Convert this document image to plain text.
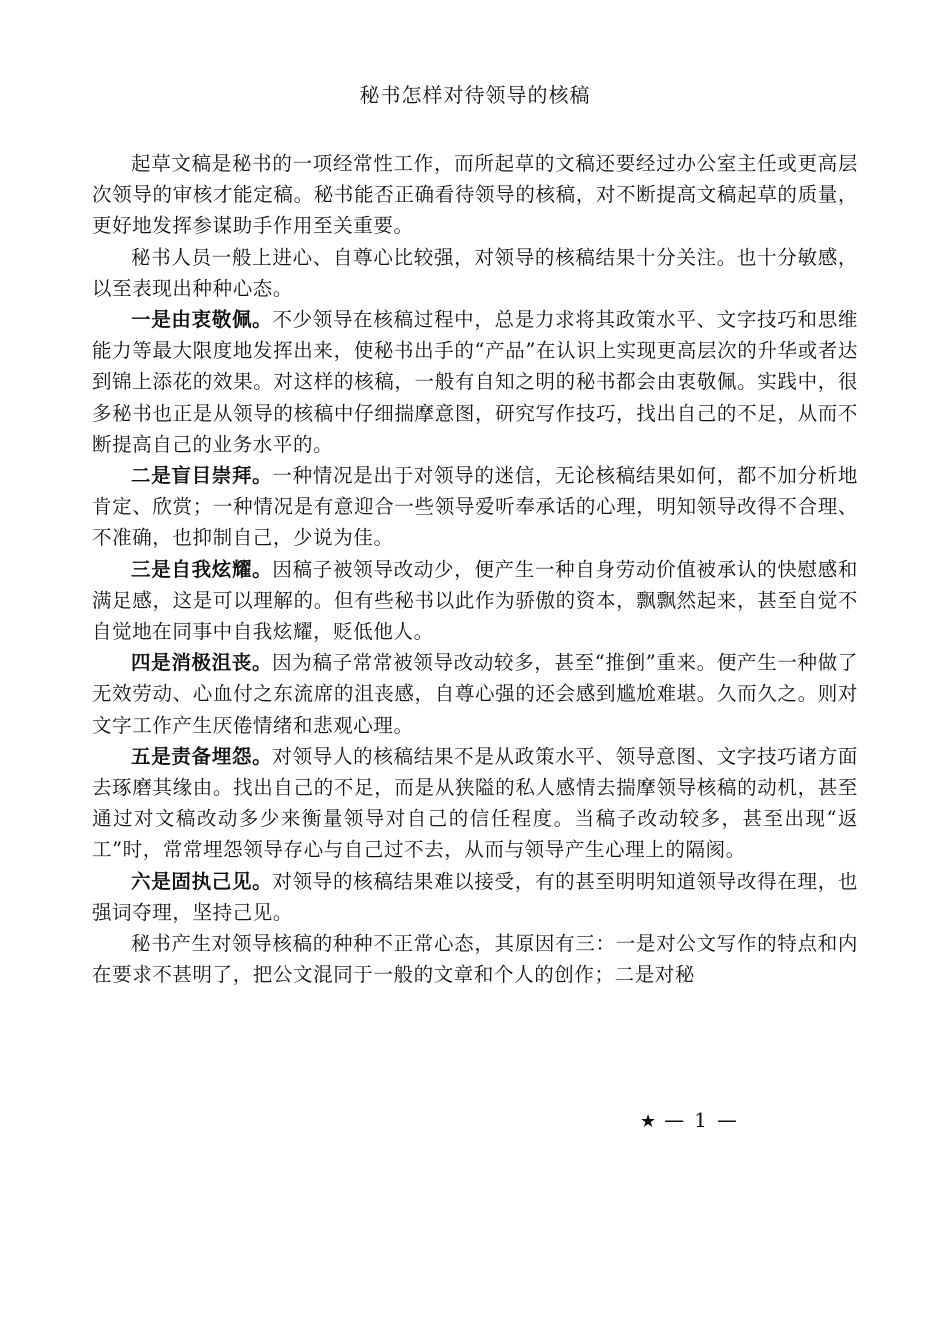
秘书怎样对待领导的核稿

起草文稿是秘书的一项经常性工作，而所起草的文稿还要经过办公室主任或更高层次领导的审核才能定稿。秘书能否正确看待领导的核稿，对不断提高文稿起草的质量，更好地发挥参谋助手作用至关重要。

秘书人员一般上进心、自尊心比较强，对领导的核稿结果十分关注。也十分敏感，以至表现出种种心态。

一是由衷敬佩。不少领导在核稿过程中，总是力求将其政策水平、文字技巧和思维能力等最大限度地发挥出来，使秘书出手的“产品”在认识上实现更高层次的升华或者达到锦上添花的效果。对这样的核稿，一般有自知之明的秘书都会由衷敬佩。实践中，很多秘书也正是从领导的核稿中仔细揣摩意图，研究写作技巧，找出自己的不足，从而不断提高自己的业务水平的。

二是盲目崇拜。一种情况是出于对领导的迷信，无论核稿结果如何，都不加分析地肯定、欣赏；一种情况是有意迎合一些领导爱听奉承话的心理，明知领导改得不合理、不准确，也抑制自己，少说为佳。

三是自我炫耀。因稿子被领导改动少，便产生一种自身劳动价值被承认的快慰感和满足感，这是可以理解的。但有些秘书以此作为骄傲的资本，飘飘然起来，甚至自觉不自觉地在同事中自我炫耀，贬低他人。

四是消极沮丧。因为稿子常常被领导改动较多，甚至“推倒”重来。便产生一种做了无效劳动、心血付之东流席的沮丧感，自尊心强的还会感到尴尬难堪。久而久之。则对文字工作产生厌倦情绪和悲观心理。

五是责备埋怨。对领导人的核稿结果不是从政策水平、领导意图、文字技巧诸方面去琢磨其缘由。找出自己的不足，而是从狭隘的私人感情去揣摩领导核稿的动机，甚至通过对文稿改动多少来衡量领导对自己的信任程度。当稿子改动较多，甚至出现“返工”时，常常埋怨领导存心与自己过不去，从而与领导产生心理上的隔阂。

六是固执己见。对领导的核稿结果难以接受，有的甚至明明知道领导改得在理，也强词夺理，坚持己见。

秘书产生对领导核稿的种种不正常心态，其原因有三：一是对公文写作的特点和内在要求不甚明了，把公文混同于一般的文章和个人的创作；二是对秘

★ — 1 —
